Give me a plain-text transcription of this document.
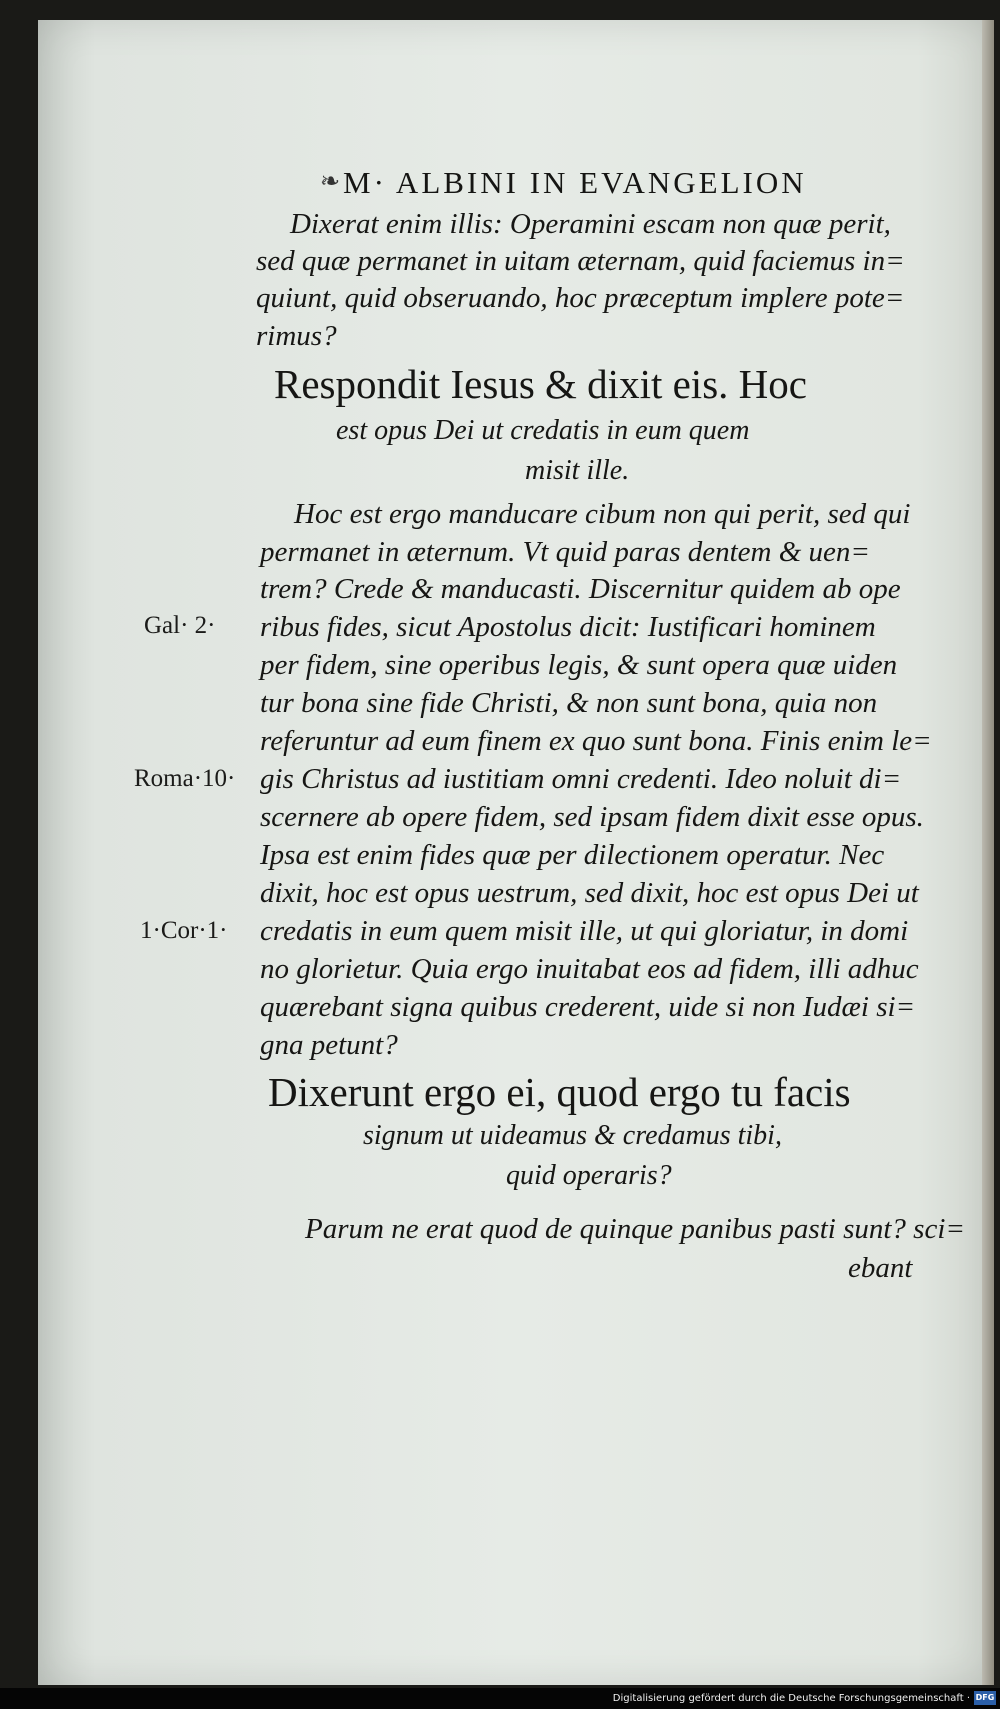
❧ M· ALBINI IN EVANGELION
Dixerat enim illis: Operamini escam non quæ perit,
sed quæ permanet in uitam æternam, quid faciemus in=
quiunt, quid obseruando, hoc præceptum implere pote=
rimus?
Respondit Iesus & dixit eis. Hoc
est opus Dei ut credatis in eum quem
misit ille.
Hoc est ergo manducare cibum non qui perit, sed qui
permanet in æternum. Vt quid paras dentem & uen=
trem? Crede & manducasti. Discernitur quidem ab ope
ribus fides, sicut Apostolus dicit: Iustificari hominem
per fidem, sine operibus legis, & sunt opera quæ uiden
tur bona sine fide Christi, & non sunt bona, quia non
referuntur ad eum finem ex quo sunt bona. Finis enim le=
gis Christus ad iustitiam omni credenti. Ideo noluit di=
scernere ab opere fidem, sed ipsam fidem dixit esse opus.
Ipsa est enim fides quæ per dilectionem operatur. Nec
dixit, hoc est opus uestrum, sed dixit, hoc est opus Dei ut
credatis in eum quem misit ille, ut qui gloriatur, in domi
no glorietur. Quia ergo inuitabat eos ad fidem, illi adhuc
quærebant signa quibus crederent, uide si non Iudæi si=
gna petunt?
Gal· 2·
Roma·10·
1·Cor·1·
Dixerunt ergo ei, quod ergo tu facis
signum ut uideamus & credamus tibi,
quid operaris?
Parum ne erat quod de quinque panibus pasti sunt? sci=
ebant
Digitalisierung gefördert durch die Deutsche Forschungsgemeinschaft · DFG
